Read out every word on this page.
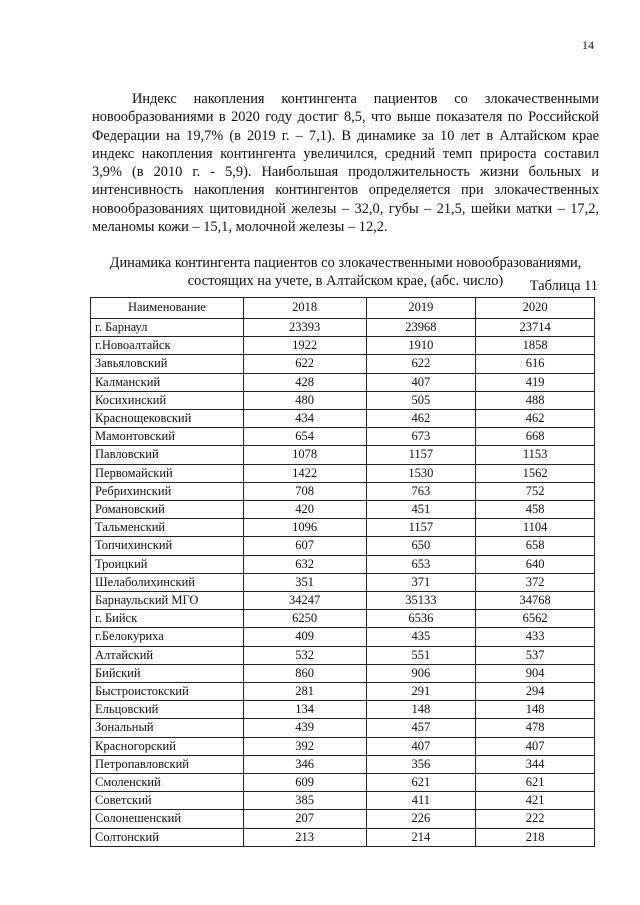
14

Индекс накопления контингента пациентов со злокачественными новообразованиями в 2020 году достиг 8,5, что выше показателя по Российской Федерации на 19,7% (в 2019 г. – 7,1). В динамике за 10 лет в Алтайском крае индекс накопления контингента увеличился, средний темп прироста составил 3,9% (в 2010 г. - 5,9). Наибольшая продолжительность жизни больных и интенсивность накопления контингентов определяется при злокачественных новообразованиях щитовидной железы – 32,0, губы – 21,5, шейки матки – 17,2, меланомы кожи – 15,1, молочной железы – 12,2.

Динамика контингента пациентов со злокачественными новообразованиями,
состоящих на учете, в Алтайском крае, (абс. число)	Таблица 11
Наименование	2018	2019	2020
г. Барнаул	23393	23968	23714
г.Новоалтайск	1922	1910	1858
Завьяловский	622	622	616
Калманский	428	407	419
Косихинский	480	505	488
Краснощековский	434	462	462
Мамонтовский	654	673	668
Павловский	1078	1157	1153
Первомайский	1422	1530	1562
Ребрихинский	708	763	752
Романовский	420	451	458
Тальменский	1096	1157	1104
Топчихинский	607	650	658
Троицкий	632	653	640
Шелаболихинский	351	371	372
Барнаульский МГО	34247	35133	34768
г. Бийск	6250	6536	6562
г.Белокуриха	409	435	433
Алтайский	532	551	537
Бийский	860	906	904
Быстроистокский	281	291	294
Ельцовский	134	148	148
Зональный	439	457	478
Красногорский	392	407	407
Петропавловский	346	356	344
Смоленский	609	621	621
Советский	385	411	421
Солонешенский	207	226	222
Солтонский	213	214	218
